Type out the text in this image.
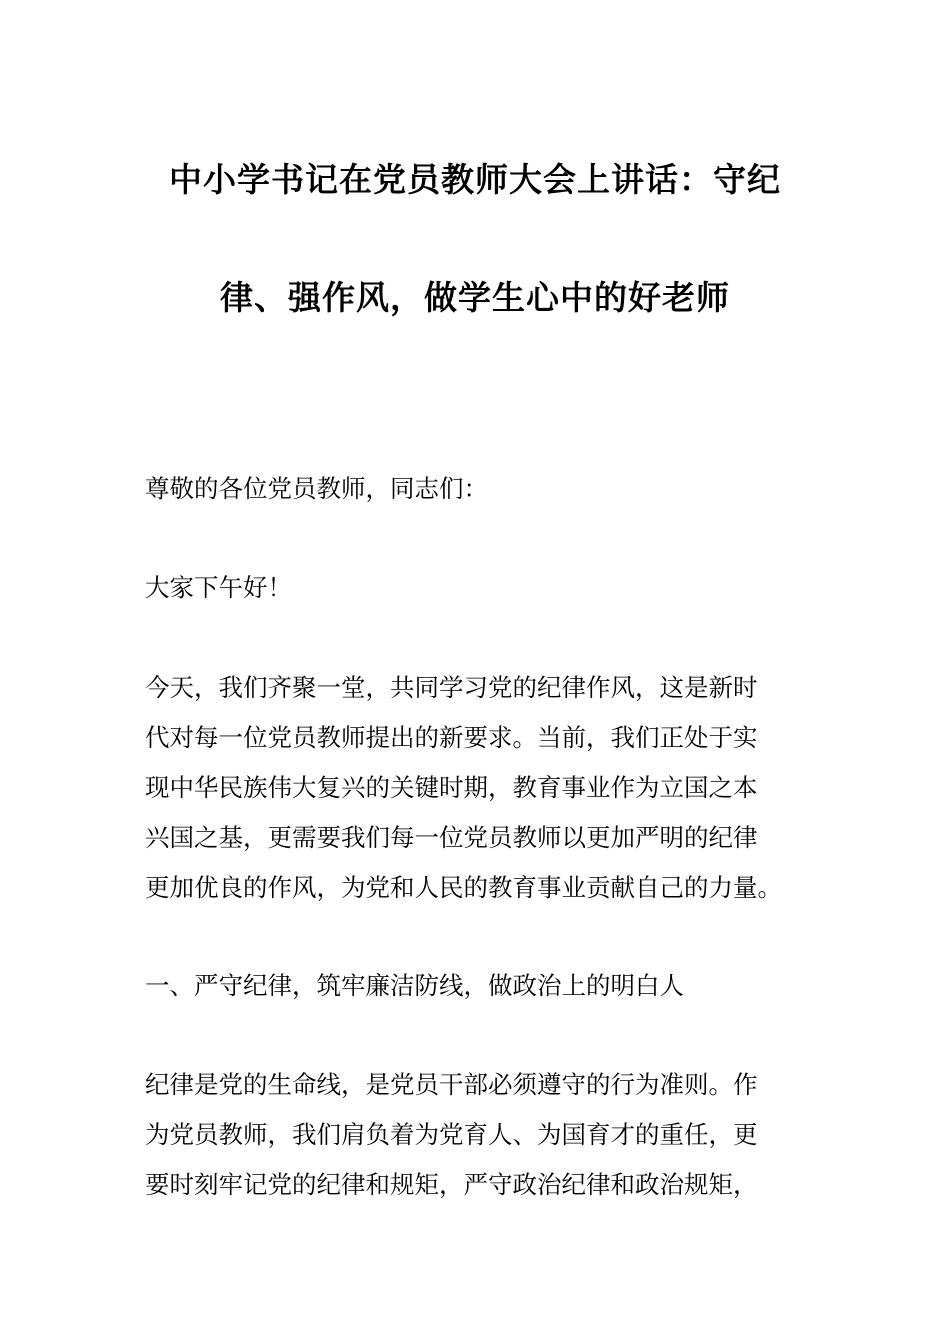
中小学书记在党员教师大会上讲话：守纪
律、强作风，做学生心中的好老师
尊敬的各位党员教师，同志们：
大家下午好！
今天，我们齐聚一堂，共同学习党的纪律作风，这是新时
代对每一位党员教师提出的新要求。当前，我们正处于实
现中华民族伟大复兴的关键时期，教育事业作为立国之本
兴国之基，更需要我们每一位党员教师以更加严明的纪律
更加优良的作风，为党和人民的教育事业贡献自己的力量。
一、严守纪律，筑牢廉洁防线，做政治上的明白人
纪律是党的生命线，是党员干部必须遵守的行为准则。作
为党员教师，我们肩负着为党育人、为国育才的重任，更
要时刻牢记党的纪律和规矩，严守政治纪律和政治规矩，
